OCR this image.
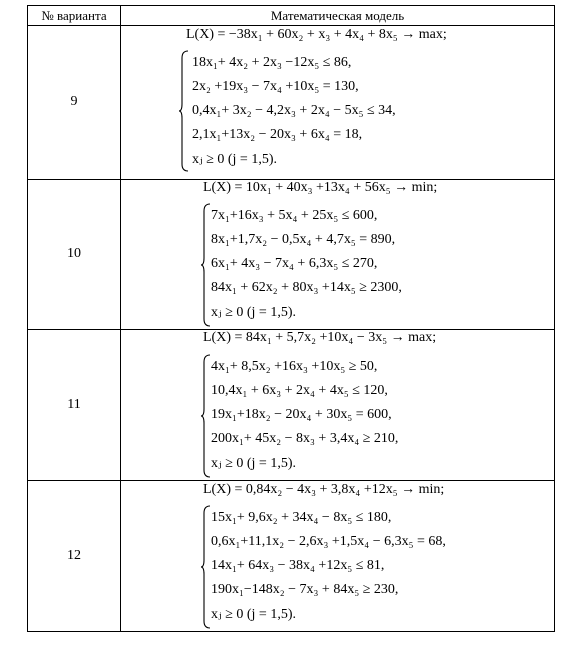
№ варианта	Математическая модель
9
L(X) = −38x₁ + 60x₂ + x₃ + 4x₄ + 8x₅ → max;
18x₁+ 4x₂ + 2x₃ −12x₅ ≤ 86,
2x₂ +19x₃ − 7x₄ +10x₅ = 130,
0,4x₁+ 3x₂ − 4,2x₃ + 2x₄ − 5x₅ ≤ 34,
2,1x₁+13x₂ − 20x₃ + 6x₄ = 18,
xⱼ ≥ 0 (j = 1,5).
10
L(X) = 10x₁ + 40x₃ +13x₄ + 56x₅ → min;
7x₁+16x₃ + 5x₄ + 25x₅ ≤ 600,
8x₁+1,7x₂ − 0,5x₄ + 4,7x₅ = 890,
6x₁+ 4x₃ − 7x₄ + 6,3x₅ ≤ 270,
84x₁ + 62x₂ + 80x₃ +14x₅ ≥ 2300,
xⱼ ≥ 0 (j = 1,5).
11
L(X) = 84x₁ + 5,7x₂ +10x₄ − 3x₅ → max;
4x₁+ 8,5x₂ +16x₃ +10x₅ ≥ 50,
10,4x₁ + 6x₃ + 2x₄ + 4x₅ ≤ 120,
19x₁+18x₂ − 20x₄ + 30x₅ = 600,
200x₁+ 45x₂ − 8x₃ + 3,4x₄ ≥ 210,
xⱼ ≥ 0 (j = 1,5).
12
L(X) = 0,84x₂ − 4x₃ + 3,8x₄ +12x₅ → min;
15x₁+ 9,6x₂ + 34x₄ − 8x₅ ≤ 180,
0,6x₁+11,1x₂ − 2,6x₃ +1,5x₄ − 6,3x₅ = 68,
14x₁+ 64x₃ − 38x₄ +12x₅ ≤ 81,
190x₁−148x₂ − 7x₃ + 84x₅ ≥ 230,
xⱼ ≥ 0 (j = 1,5).
